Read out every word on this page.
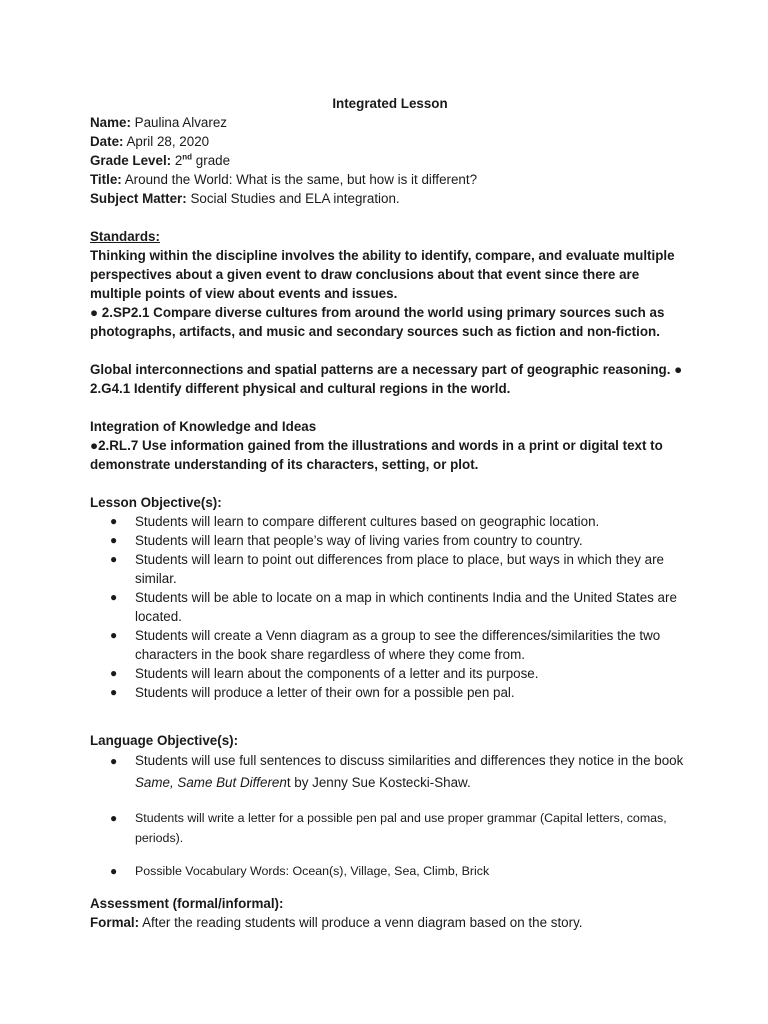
Integrated Lesson
Name: Paulina Alvarez
Date: April 28, 2020
Grade Level: 2nd grade
Title: Around the World: What is the same, but how is it different?
Subject Matter: Social Studies and ELA integration.
Standards:

Thinking within the discipline involves the ability to identify, compare, and evaluate multiple perspectives about a given event to draw conclusions about that event since there are multiple points of view about events and issues.

● 2.SP2.1 Compare diverse cultures from around the world using primary sources such as photographs, artifacts, and music and secondary sources such as fiction and non-fiction.

Global interconnections and spatial patterns are a necessary part of geographic reasoning. ● 2.G4.1 Identify different physical and cultural regions in the world.

Integration of Knowledge and Ideas

●2.RL.7 Use information gained from the illustrations and words in a print or digital text to demonstrate understanding of its characters, setting, or plot.

Lesson Objective(s):
● Students will learn to compare different cultures based on geographic location.
● Students will learn that people’s way of living varies from country to country.
● Students will learn to point out differences from place to place, but ways in which they are similar.
● Students will be able to locate on a map in which continents India and the United States are located.
● Students will create a Venn diagram as a group to see the differences/similarities the two characters in the book share regardless of where they come from.
● Students will learn about the components of a letter and its purpose.
● Students will produce a letter of their own for a possible pen pal.
Language Objective(s):
● Students will use full sentences to discuss similarities and differences they notice in the book Same, Same But Different by Jenny Sue Kostecki-Shaw.
● Students will write a letter for a possible pen pal and use proper grammar (Capital letters, comas, periods).
● Possible Vocabulary Words: Ocean(s), Village, Sea, Climb, Brick
Assessment (formal/informal):
Formal: After the reading students will produce a venn diagram based on the story.
